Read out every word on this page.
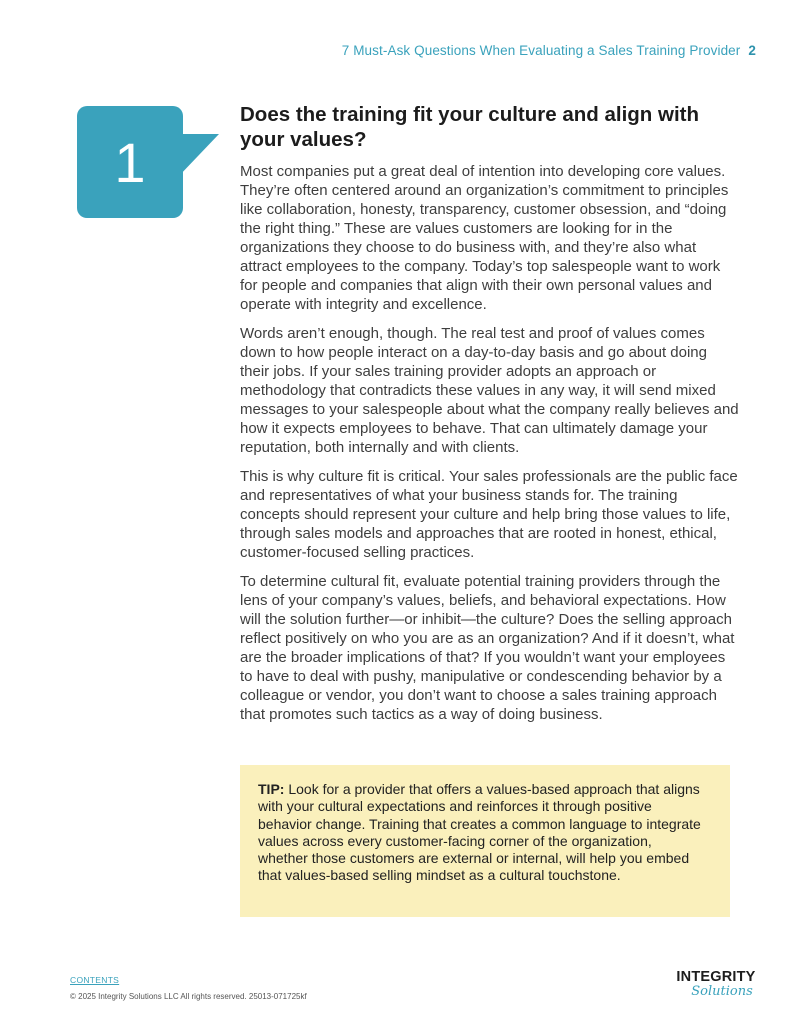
7 Must-Ask Questions When Evaluating a Sales Training Provider 2
1
Does the training fit your culture and align with your values?

Most companies put a great deal of intention into developing core values. They’re often centered around an organization’s commitment to principles like collaboration, honesty, transparency, customer obsession, and “doing the right thing.” These are values customers are looking for in the organizations they choose to do business with, and they’re also what attract employees to the company. Today’s top salespeople want to work for people and companies that align with their own personal values and operate with integrity and excellence.

Words aren’t enough, though. The real test and proof of values comes down to how people interact on a day-to-day basis and go about doing their jobs. If your sales training provider adopts an approach or methodology that contradicts these values in any way, it will send mixed messages to your salespeople about what the company really believes and how it expects employees to behave. That can ultimately damage your reputation, both internally and with clients.

This is why culture fit is critical. Your sales professionals are the public face and representatives of what your business stands for. The training concepts should represent your culture and help bring those values to life, through sales models and approaches that are rooted in honest, ethical, customer-focused selling practices.

To determine cultural fit, evaluate potential training providers through the lens of your company’s values, beliefs, and behavioral expectations. How will the solution further—or inhibit—the culture? Does the selling approach reflect positively on who you are as an organization? And if it doesn’t, what are the broader implications of that? If you wouldn’t want your employees to have to deal with pushy, manipulative or condescending behavior by a colleague or vendor, you don’t want to choose a sales training approach that promotes such tactics as a way of doing business.

TIP: Look for a provider that offers a values-based approach that aligns with your cultural expectations and reinforces it through positive behavior change. Training that creates a common language to integrate values across every customer-facing corner of the organization, whether those customers are external or internal, will help you embed that values-based selling mindset as a cultural touchstone.
CONTENTS
© 2025 Integrity Solutions LLC All rights reserved. 25013-071725kf
INTEGRITY
Solutions
